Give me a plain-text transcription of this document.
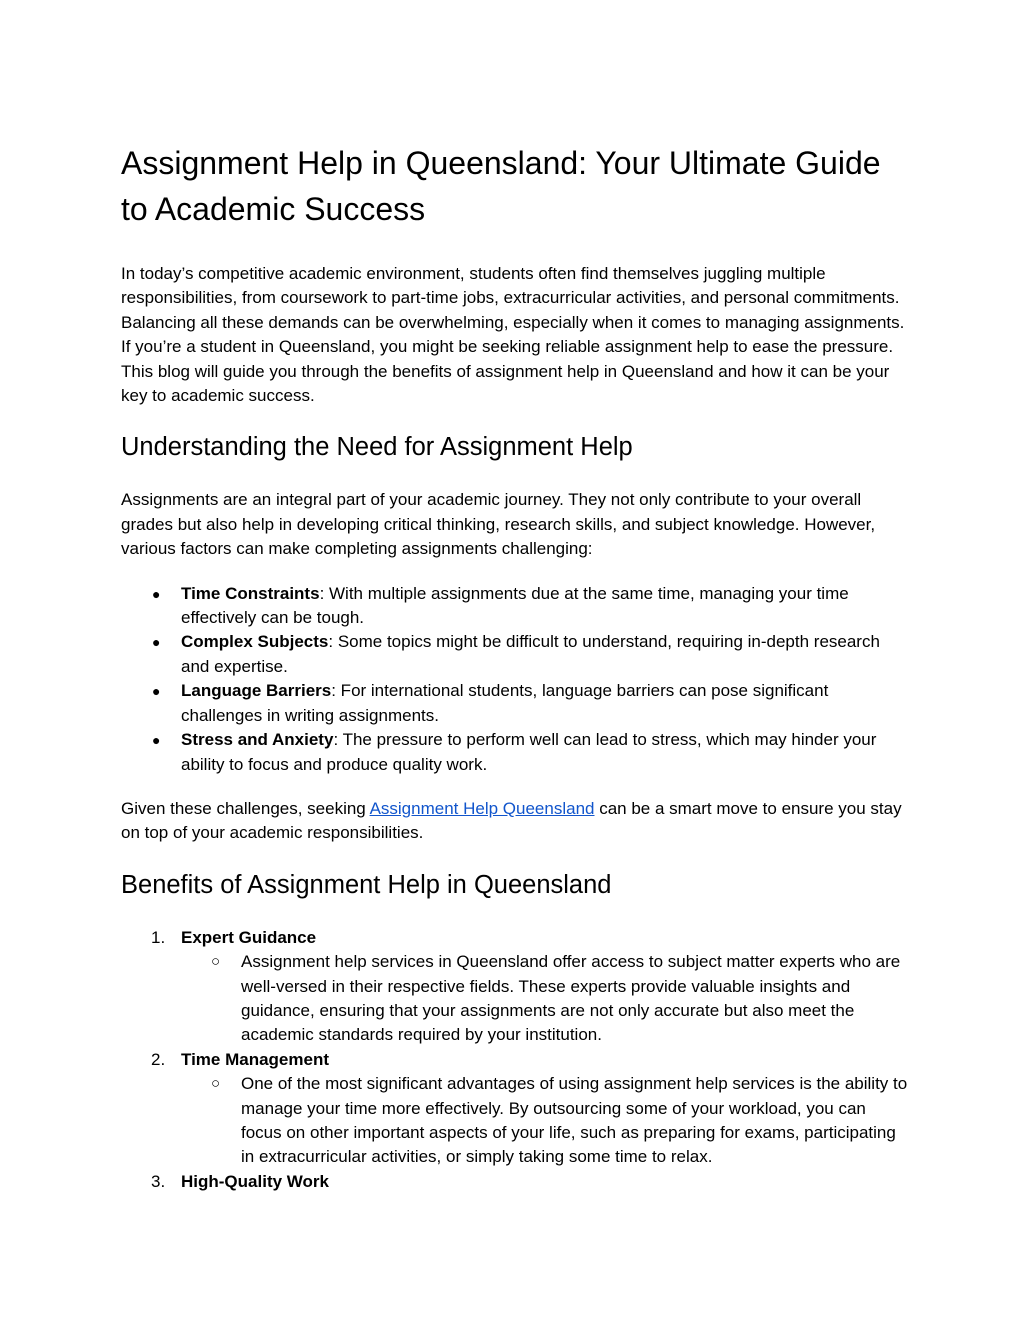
Assignment Help in Queensland: Your Ultimate Guide to Academic Success

In today’s competitive academic environment, students often find themselves juggling multiple responsibilities, from coursework to part-time jobs, extracurricular activities, and personal commitments. Balancing all these demands can be overwhelming, especially when it comes to managing assignments. If you’re a student in Queensland, you might be seeking reliable assignment help to ease the pressure. This blog will guide you through the benefits of assignment help in Queensland and how it can be your key to academic success.

Understanding the Need for Assignment Help

Assignments are an integral part of your academic journey. They not only contribute to your overall grades but also help in developing critical thinking, research skills, and subject knowledge. However, various factors can make completing assignments challenging:

● Time Constraints: With multiple assignments due at the same time, managing your time effectively can be tough.
● Complex Subjects: Some topics might be difficult to understand, requiring in-depth research and expertise.
● Language Barriers: For international students, language barriers can pose significant challenges in writing assignments.
● Stress and Anxiety: The pressure to perform well can lead to stress, which may hinder your ability to focus and produce quality work.

Given these challenges, seeking Assignment Help Queensland can be a smart move to ensure you stay on top of your academic responsibilities.

Benefits of Assignment Help in Queensland
1. Expert Guidance
○ Assignment help services in Queensland offer access to subject matter experts who are well-versed in their respective fields. These experts provide valuable insights and guidance, ensuring that your assignments are not only accurate but also meet the academic standards required by your institution.
2. Time Management
○ One of the most significant advantages of using assignment help services is the ability to manage your time more effectively. By outsourcing some of your workload, you can focus on other important aspects of your life, such as preparing for exams, participating in extracurricular activities, or simply taking some time to relax.
3. High-Quality Work
